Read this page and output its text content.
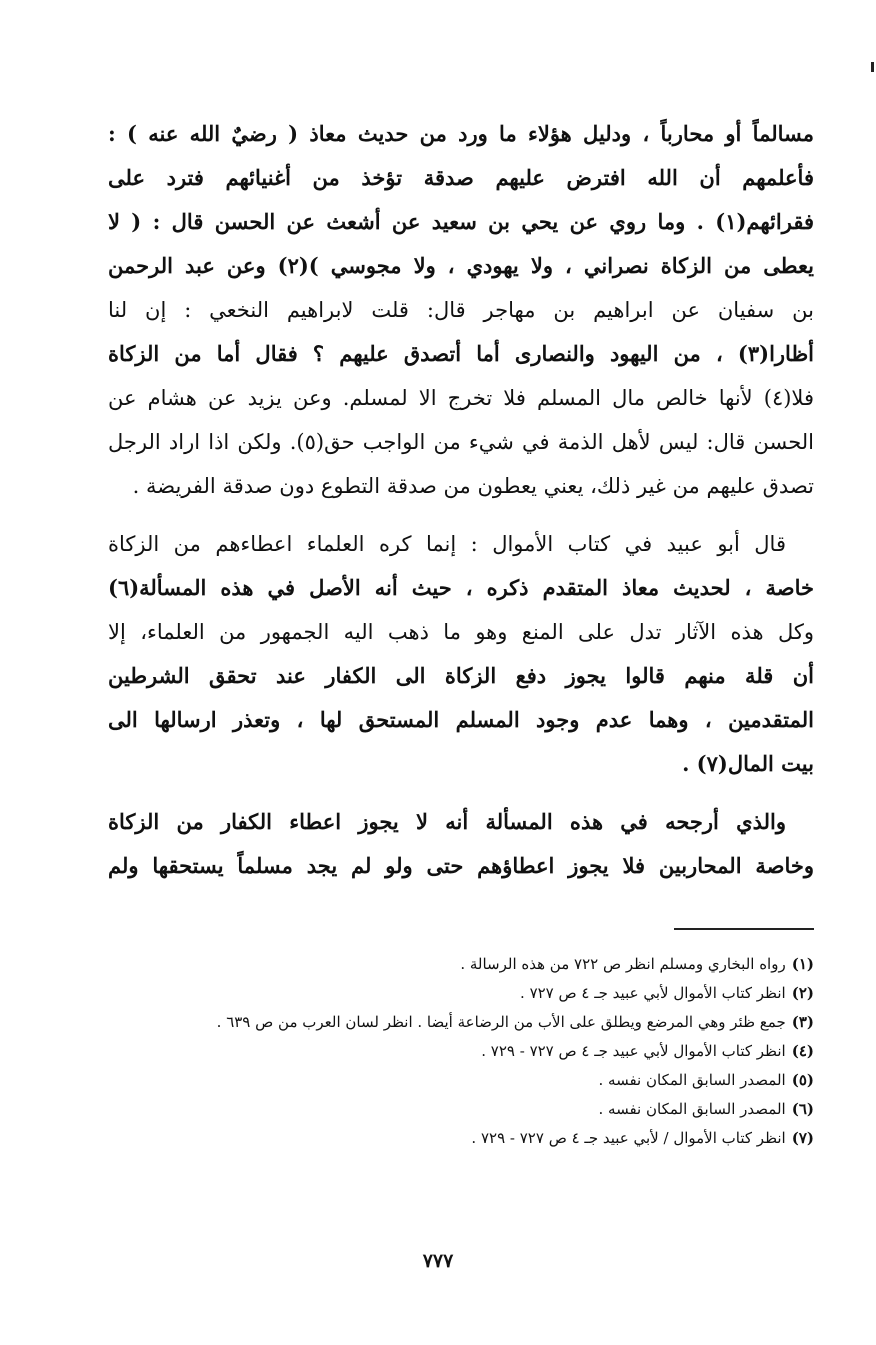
مسالماً أو محارباً ، ودليل هؤلاء ما ورد من حديث معاذ ( رضيٌ الله عنه ) :
فأعلمهم أن الله افترض عليهم صدقة تؤخذ من أغنيائهم فترد على
فقرائهم(١) . وما روي عن يحي بن سعيد عن أشعث عن الحسن قال : ( لا
يعطى من الزكاة نصراني ، ولا يهودي ، ولا مجوسي )(٢) وعن عبد الرحمن
بن سفيان عن ابراهيم بن مهاجر قال: قلت لابراهيم النخعي : إن لنا
أظارا(٣) ، من اليهود والنصارى أما أتصدق عليهم ؟ فقال أما من الزكاة
فلا(٤) لأنها خالص مال المسلم فلا تخرج الا لمسلم. وعن يزيد عن هشام عن
الحسن قال: ليس لأهل الذمة في شيء من الواجب حق(٥). ولكن اذا اراد الرجل
تصدق عليهم من غير ذلك، يعني يعطون من صدقة التطوع دون صدقة الفريضة .
قال أبو عبيد في كتاب الأموال : إنما كره العلماء اعطاءهم من الزكاة
خاصة ، لحديث معاذ المتقدم ذكره ، حيث أنه الأصل في هذه المسألة(٦)
وكل هذه الآثار تدل على المنع وهو ما ذهب اليه الجمهور من العلماء، إلا
أن قلة منهم قالوا يجوز دفع الزكاة الى الكفار عند تحقق الشرطين
المتقدمين ، وهما عدم وجود المسلم المستحق لها ، وتعذر ارسالها الى
بيت المال(٧) .
والذي أرجحه في هذه المسألة أنه لا يجوز اعطاء الكفار من الزكاة
وخاصة المحاربين فلا يجوز اعطاؤهم حتى ولو لم يجد مسلماً يستحقها ولم
(١)رواه البخاري ومسلم انظر ص ٧٢٢ من هذه الرسالة .
(٢)انظر كتاب الأموال لأبي عبيد جـ ٤ ص ٧٢٧ .
(٣)جمع ظئر وهي المرضع ويطلق على الأب من الرضاعة أيضا . انظر لسان العرب من ص ٦٣٩ .
(٤)انظر كتاب الأموال لأبي عبيد جـ ٤ ص ٧٢٧ - ٧٢٩ .
(٥)المصدر السابق المكان نفسه .
(٦)المصدر السابق المكان نفسه .
(٧)انظر كتاب الأموال / لأبي عبيد جـ ٤ ص ٧٢٧ - ٧٢٩ .
٧٧٧
